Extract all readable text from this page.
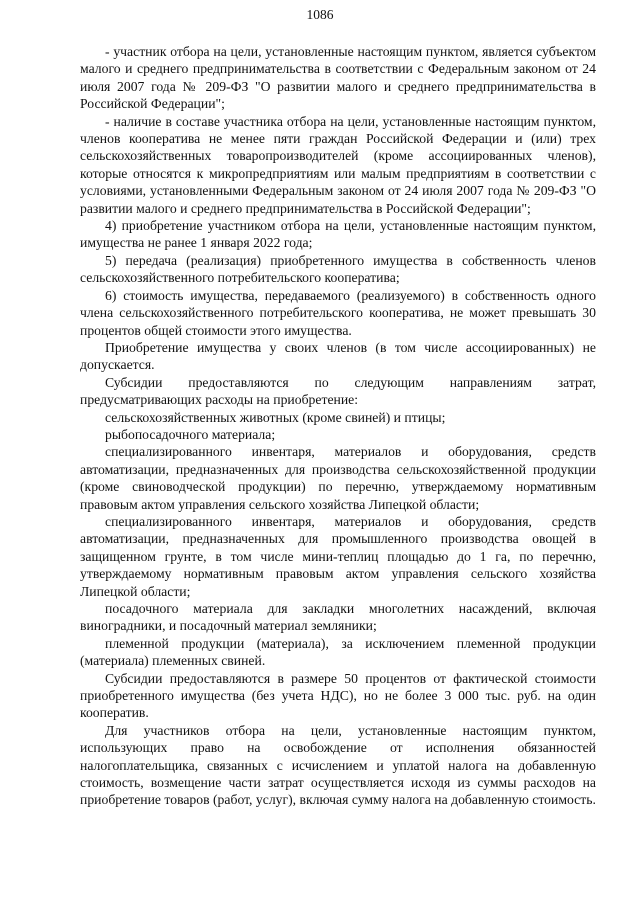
1086

- участник отбора на цели, установленные настоящим пунктом, является субъектом малого и среднего предпринимательства в соответствии с Федеральным законом от 24 июля 2007 года № 209-ФЗ "О развитии малого и среднего предпринимательства в Российской Федерации";

- наличие в составе участника отбора на цели, установленные настоящим пунктом, членов кооператива не менее пяти граждан Российской Федерации и (или) трех сельскохозяйственных товаропроизводителей (кроме ассоциированных членов), которые относятся к микропредприятиям или малым предприятиям в соответствии с условиями, установленными Федеральным законом от 24 июля 2007 года № 209-ФЗ "О развитии малого и среднего предпринимательства в Российской Федерации";

4) приобретение участником отбора на цели, установленные настоящим пунктом, имущества не ранее 1 января 2022 года;

5) передача (реализация) приобретенного имущества в собственность членов сельскохозяйственного потребительского кооператива;

6) стоимость имущества, передаваемого (реализуемого) в собственность одного члена сельскохозяйственного потребительского кооператива, не может превышать 30 процентов общей стоимости этого имущества.

Приобретение имущества у своих членов (в том числе ассоциированных) не допускается.

Субсидии предоставляются по следующим направлениям затрат, предусматривающих расходы на приобретение:

сельскохозяйственных животных (кроме свиней) и птицы;

рыбопосадочного материала;

специализированного инвентаря, материалов и оборудования, средств автоматизации, предназначенных для производства сельскохозяйственной продукции (кроме свиноводческой продукции) по перечню, утверждаемому нормативным правовым актом управления сельского хозяйства Липецкой области;

специализированного инвентаря, материалов и оборудования, средств автоматизации, предназначенных для промышленного производства овощей в защищенном грунте, в том числе мини-теплиц площадью до 1 га, по перечню, утверждаемому нормативным правовым актом управления сельского хозяйства Липецкой области;

посадочного материала для закладки многолетних насаждений, включая виноградники, и посадочный материал земляники;

племенной продукции (материала), за исключением племенной продукции (материала) племенных свиней.

Субсидии предоставляются в размере 50 процентов от фактической стоимости приобретенного имущества (без учета НДС), но не более 3 000 тыс. руб. на один кооператив.

Для участников отбора на цели, установленные настоящим пунктом, использующих право на освобождение от исполнения обязанностей налогоплательщика, связанных с исчислением и уплатой налога на добавленную стоимость, возмещение части затрат осуществляется исходя из суммы расходов на приобретение товаров (работ, услуг), включая сумму налога на добавленную стоимость.
